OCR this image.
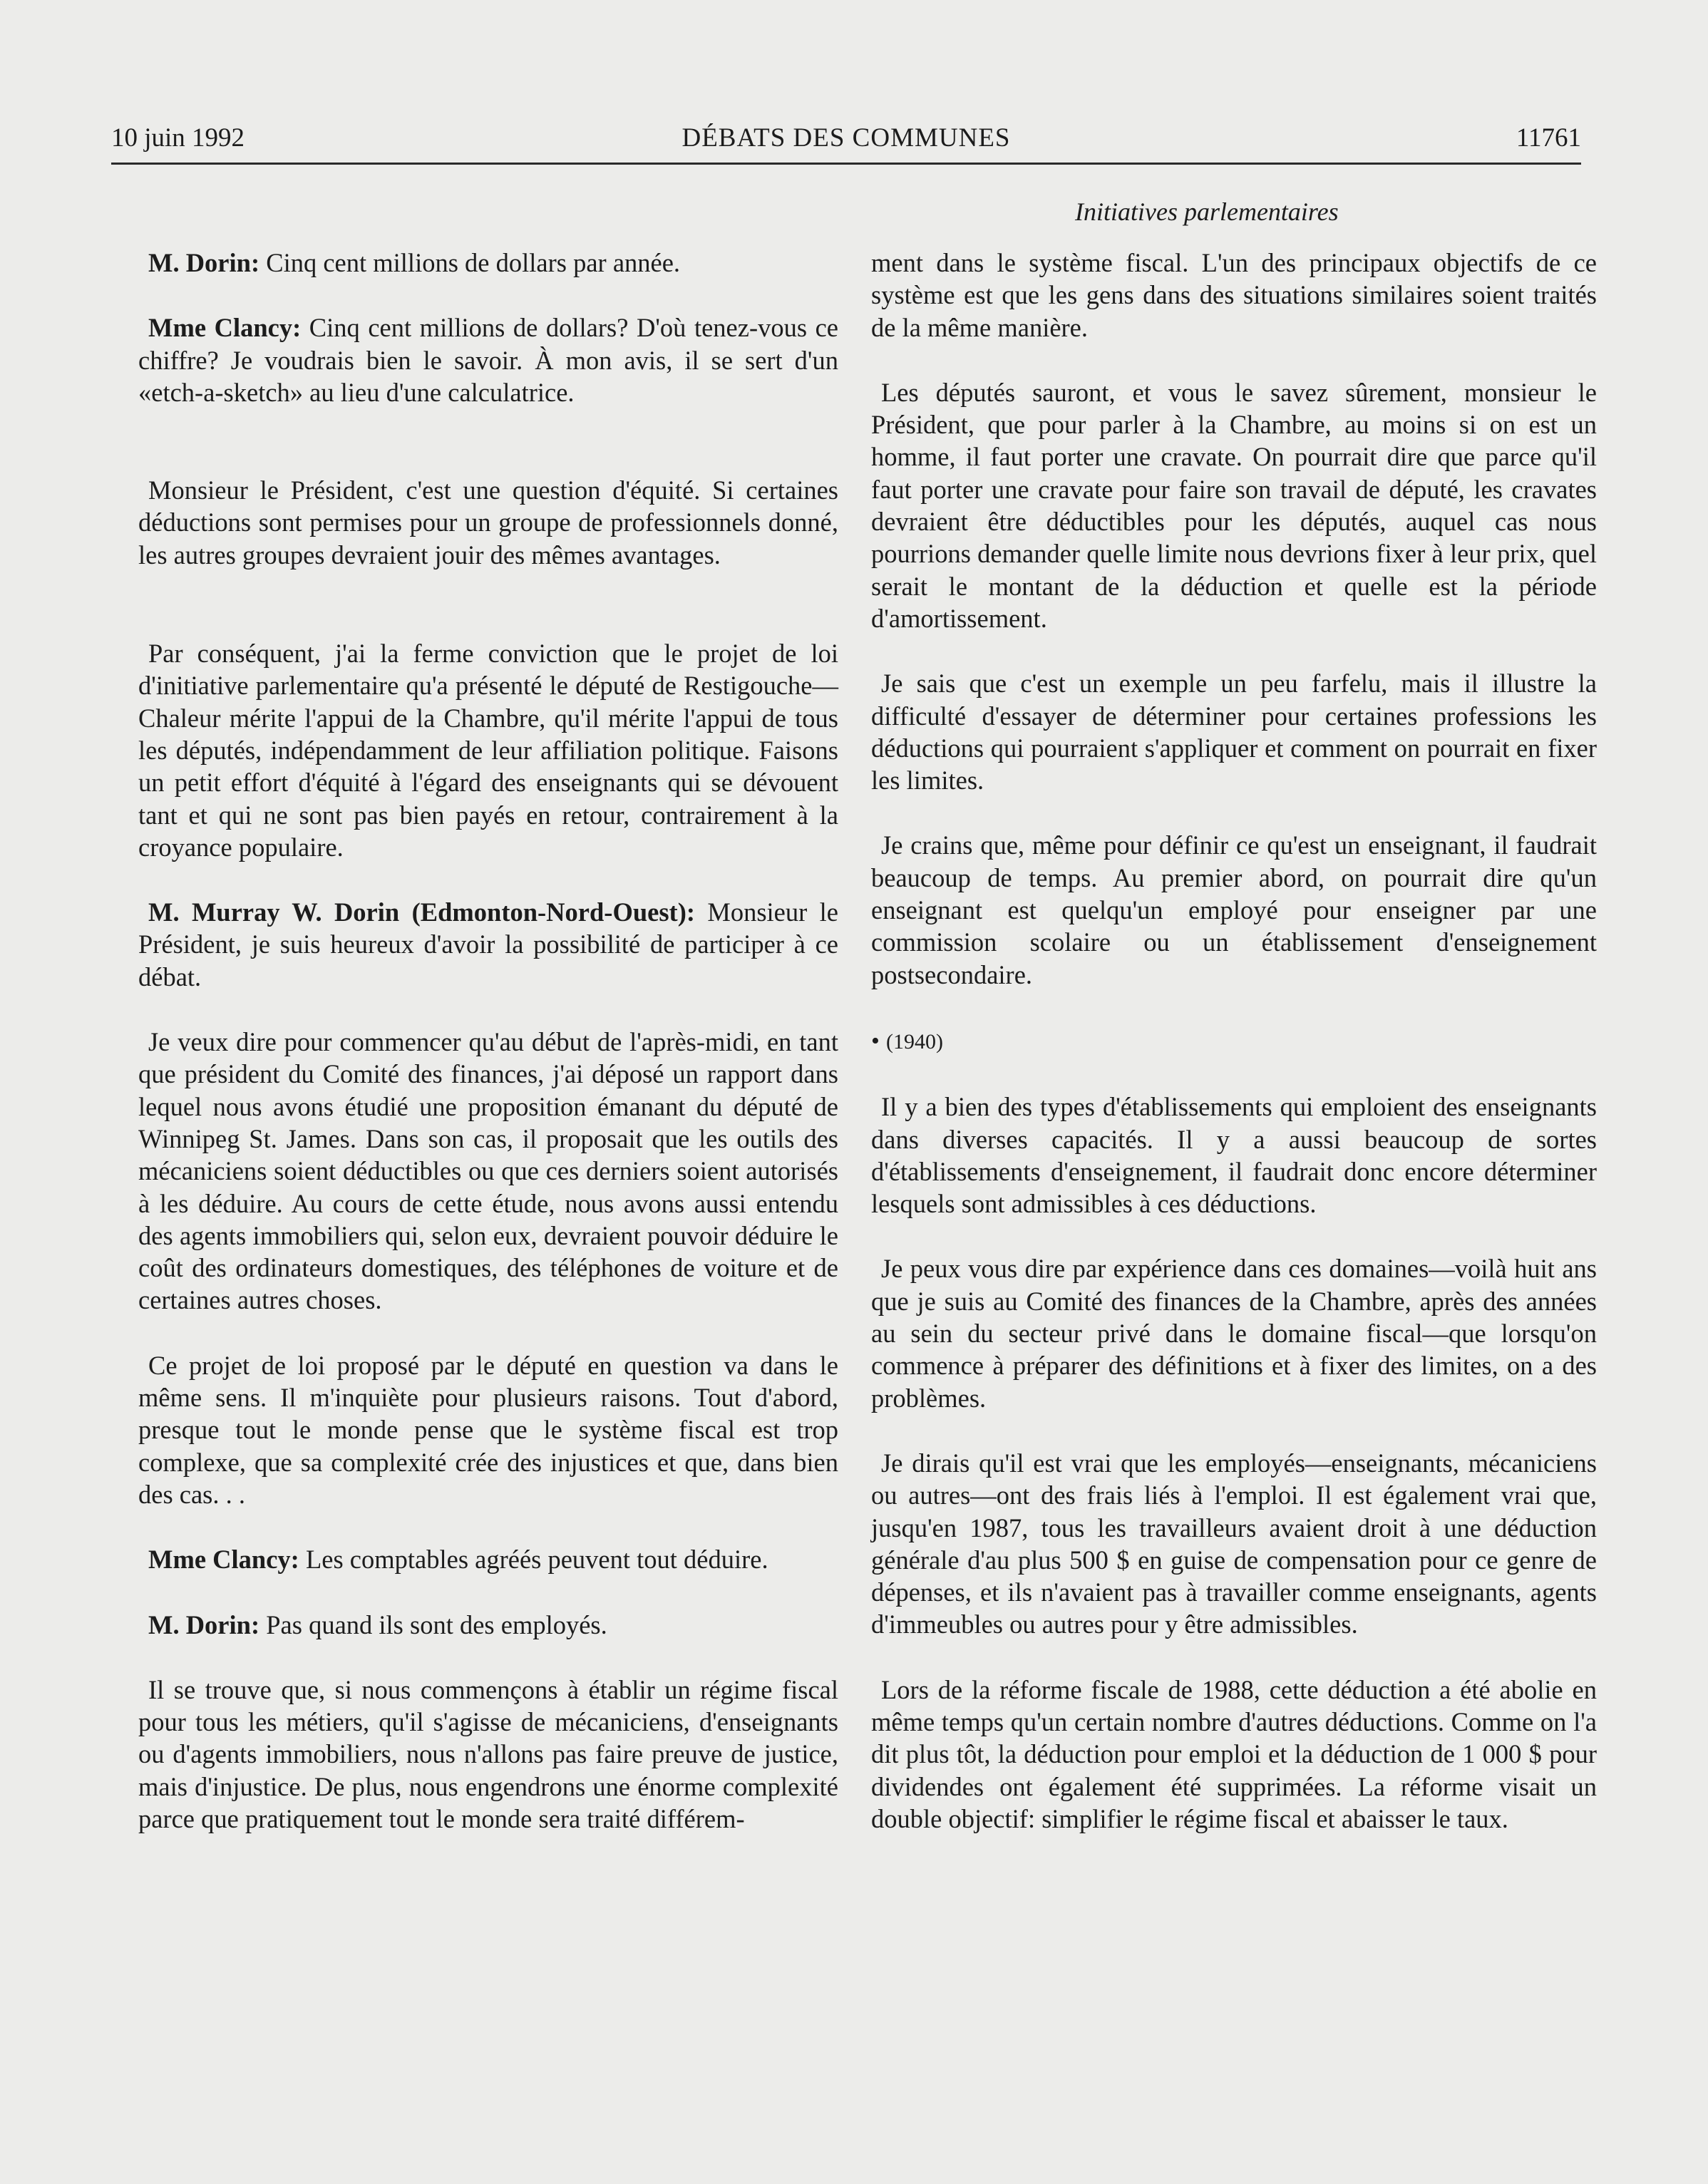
10 juin 1992	DÉBATS DES COMMUNES	11761
Initiatives parlementaires

M. Dorin: Cinq cent millions de dollars par année.

Mme Clancy: Cinq cent millions de dollars? D'où tenez-vous ce chiffre? Je voudrais bien le savoir. À mon avis, il se sert d'un «etch-a-sketch» au lieu d'une calculatrice.

Monsieur le Président, c'est une question d'équité. Si certaines déductions sont permises pour un groupe de professionnels donné, les autres groupes devraient jouir des mêmes avantages.

Par conséquent, j'ai la ferme conviction que le projet de loi d'initiative parlementaire qu'a présenté le député de Restigouche—Chaleur mérite l'appui de la Chambre, qu'il mérite l'appui de tous les députés, indépendamment de leur affiliation politique. Faisons un petit effort d'équité à l'égard des enseignants qui se dévouent tant et qui ne sont pas bien payés en retour, contrairement à la croyance populaire.

M. Murray W. Dorin (Edmonton-Nord-Ouest): Monsieur le Président, je suis heureux d'avoir la possibilité de participer à ce débat.

Je veux dire pour commencer qu'au début de l'après-midi, en tant que président du Comité des finances, j'ai déposé un rapport dans lequel nous avons étudié une proposition émanant du député de Winnipeg St. James. Dans son cas, il proposait que les outils des mécaniciens soient déductibles ou que ces derniers soient autorisés à les déduire. Au cours de cette étude, nous avons aussi entendu des agents immobiliers qui, selon eux, devraient pouvoir déduire le coût des ordinateurs domestiques, des téléphones de voiture et de certaines autres choses.

Ce projet de loi proposé par le député en question va dans le même sens. Il m'inquiète pour plusieurs raisons. Tout d'abord, presque tout le monde pense que le système fiscal est trop complexe, que sa complexité crée des injustices et que, dans bien des cas. . .

Mme Clancy: Les comptables agréés peuvent tout déduire.

M. Dorin: Pas quand ils sont des employés.

Il se trouve que, si nous commençons à établir un régime fiscal pour tous les métiers, qu'il s'agisse de mécaniciens, d'enseignants ou d'agents immobiliers, nous n'allons pas faire preuve de justice, mais d'injustice. De plus, nous engendrons une énorme complexité parce que pratiquement tout le monde sera traité différem-

ment dans le système fiscal. L'un des principaux objectifs de ce système est que les gens dans des situations similaires soient traités de la même manière.

Les députés sauront, et vous le savez sûrement, monsieur le Président, que pour parler à la Chambre, au moins si on est un homme, il faut porter une cravate. On pourrait dire que parce qu'il faut porter une cravate pour faire son travail de député, les cravates devraient être déductibles pour les députés, auquel cas nous pourrions demander quelle limite nous devrions fixer à leur prix, quel serait le montant de la déduction et quelle est la période d'amortissement.

Je sais que c'est un exemple un peu farfelu, mais il illustre la difficulté d'essayer de déterminer pour certaines professions les déductions qui pourraient s'appliquer et comment on pourrait en fixer les limites.

Je crains que, même pour définir ce qu'est un enseignant, il faudrait beaucoup de temps. Au premier abord, on pourrait dire qu'un enseignant est quelqu'un employé pour enseigner par une commission scolaire ou un établissement d'enseignement postsecondaire.

• (1940)

Il y a bien des types d'établissements qui emploient des enseignants dans diverses capacités. Il y a aussi beaucoup de sortes d'établissements d'enseignement, il faudrait donc encore déterminer lesquels sont admissibles à ces déductions.

Je peux vous dire par expérience dans ces domaines—voilà huit ans que je suis au Comité des finances de la Chambre, après des années au sein du secteur privé dans le domaine fiscal—que lorsqu'on commence à préparer des définitions et à fixer des limites, on a des problèmes.

Je dirais qu'il est vrai que les employés—enseignants, mécaniciens ou autres—ont des frais liés à l'emploi. Il est également vrai que, jusqu'en 1987, tous les travailleurs avaient droit à une déduction générale d'au plus 500 $ en guise de compensation pour ce genre de dépenses, et ils n'avaient pas à travailler comme enseignants, agents d'immeubles ou autres pour y être admissibles.

Lors de la réforme fiscale de 1988, cette déduction a été abolie en même temps qu'un certain nombre d'autres déductions. Comme on l'a dit plus tôt, la déduction pour emploi et la déduction de 1 000 $ pour dividendes ont également été supprimées. La réforme visait un double objectif: simplifier le régime fiscal et abaisser le taux.
